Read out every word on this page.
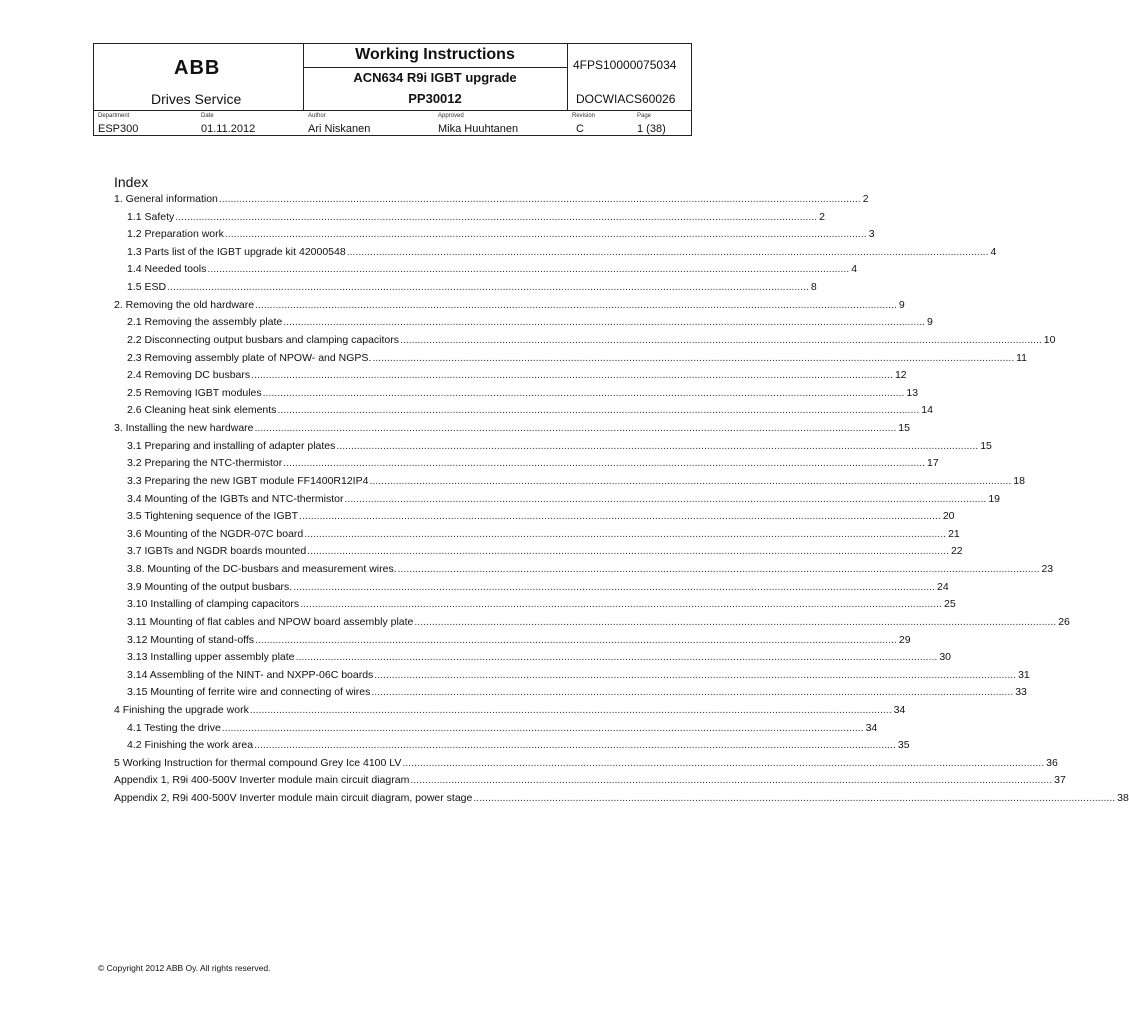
ABB
Drives Service
Working Instructions
ACN634 R9i IGBT upgrade
PP30012
4FPS10000075034
DOCWIACS60026
Department
ESP300
Date
01.11.2012
Author
Ari Niskanen
Approved
Mika Huuhtanen
Revision
C
Page
1 (38)
Index
1. General information ............................................................................................................................................................................................................................ 2
1.1 Safety ............................................................................................................................................................................................................................ 2
1.2 Preparation work ............................................................................................................................................................................................................................ 3
1.3 Parts list of the IGBT upgrade kit 42000548 ............................................................................................................................................................................................................................ 4
1.4 Needed tools ............................................................................................................................................................................................................................ 4
1.5 ESD ............................................................................................................................................................................................................................ 8
2. Removing the old hardware ............................................................................................................................................................................................................................ 9
2.1 Removing the assembly plate ............................................................................................................................................................................................................................ 9
2.2 Disconnecting output busbars and clamping capacitors ............................................................................................................................................................................................................................ 10
2.3 Removing assembly plate of NPOW- and NGPS. ............................................................................................................................................................................................................................ 11
2.4 Removing DC busbars ............................................................................................................................................................................................................................ 12
2.5 Removing IGBT modules ............................................................................................................................................................................................................................ 13
2.6 Cleaning heat sink elements ............................................................................................................................................................................................................................ 14
3. Installing the new hardware ............................................................................................................................................................................................................................ 15
3.1 Preparing and installing of adapter plates ............................................................................................................................................................................................................................ 15
3.2 Preparing the NTC-thermistor ............................................................................................................................................................................................................................ 17
3.3 Preparing the new IGBT module FF1400R12IP4 ............................................................................................................................................................................................................................ 18
3.4 Mounting of the IGBTs and NTC-thermistor ............................................................................................................................................................................................................................ 19
3.5 Tightening sequence of the IGBT ............................................................................................................................................................................................................................ 20
3.6 Mounting of the NGDR-07C board ............................................................................................................................................................................................................................ 21
3.7 IGBTs and NGDR boards mounted ............................................................................................................................................................................................................................ 22
3.8. Mounting of the DC-busbars and measurement wires. ............................................................................................................................................................................................................................ 23
3.9 Mounting of the output busbars. ............................................................................................................................................................................................................................ 24
3.10 Installing of clamping capacitors ............................................................................................................................................................................................................................ 25
3.11 Mounting of flat cables and NPOW board assembly plate ............................................................................................................................................................................................................................ 26
3.12 Mounting of stand-offs ............................................................................................................................................................................................................................ 29
3.13 Installing upper assembly plate ............................................................................................................................................................................................................................ 30
3.14 Assembling of the NINT- and NXPP-06C boards ............................................................................................................................................................................................................................ 31
3.15 Mounting of ferrite wire and connecting of wires ............................................................................................................................................................................................................................ 33
4 Finishing the upgrade work ............................................................................................................................................................................................................................ 34
4.1 Testing the drive ............................................................................................................................................................................................................................ 34
4.2 Finishing the work area ............................................................................................................................................................................................................................ 35
5 Working Instruction for thermal compound Grey Ice 4100 LV ............................................................................................................................................................................................................................ 36
Appendix 1, R9i 400-500V Inverter module main circuit diagram ............................................................................................................................................................................................................................ 37
Appendix 2, R9i 400-500V Inverter module main circuit diagram, power stage ............................................................................................................................................................................................................................ 38
© Copyright 2012 ABB Oy. All rights reserved.
